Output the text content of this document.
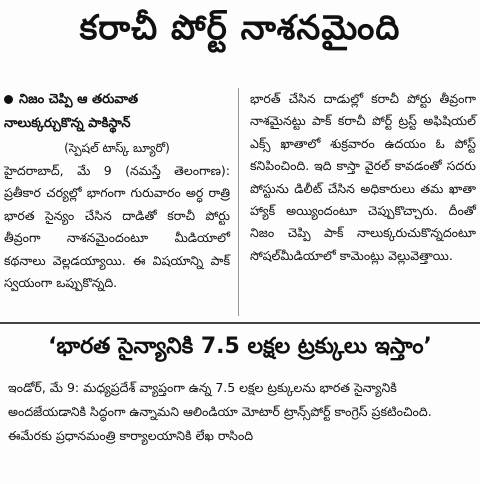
కరాచీ పోర్ట్ నాశనమైంది
నిజం చెప్పి ఆ తరువాత
నాలుక్కర్చుకొన్న పాకిస్థాన్
(స్పెషల్ టాస్క్ బ్యూరో)
హైదరాబాద్, మే 9 (నమస్తే తెలంగాణ): ప్రతీకార చర్యల్లో భాగంగా గురువారం అర్ధ రాత్రి భారత సైన్యం చేసిన దాడితో కరాచీ పోర్టు తీవ్రంగా నాశనమైందంటూ మీడియాలో కథనాలు వెల్లడయ్యాయి. ఈ విషయాన్ని పాక్ స్వయంగా ఒప్పుకొన్నది.
భారత్ చేసిన దాడుల్లో కరాచీ పోర్టు తీవ్రంగా నాశమైనట్టు పాక్ కరాచీ పోర్ట్ ట్రస్ట్ అఫిషియల్ ఎక్స్ ఖాతాలో శుక్రవారం ఉదయం ఓ పోస్ట్ కనిపించింది. ఇది కాస్తా వైరల్ కావడంతో సదరు పోస్టును డిలీట్ చేసిన అధికారులు తమ ఖాతా హ్యాక్ అయ్యిందంటూ చెప్పుకొచ్చారు. దీంతో నిజం చెప్పి పాక్ నాలుక్కరుచుకొన్నదంటూ సోషల్‌మీడియాలో కామెంట్లు వెల్లువెత్తాయి.
‘భారత సైన్యానికి 7.5 లక్షల ట్రక్కులు ఇస్తాం’
ఇండోర్, మే 9: మధ్యప్రదేశ్ వ్యాప్తంగా ఉన్న 7.5 లక్షల ట్రక్కులను భారత సైన్యానికి అందజేయడానికి సిద్ధంగా ఉన్నామని ఆలిండియా మోటార్ ట్రాన్స్‌పోర్ట్ కాంగ్రెస్ ప్రకటించింది. ఈమేరకు ప్రధానమంత్రి కార్యాలయానికి లేఖ రాసింది
